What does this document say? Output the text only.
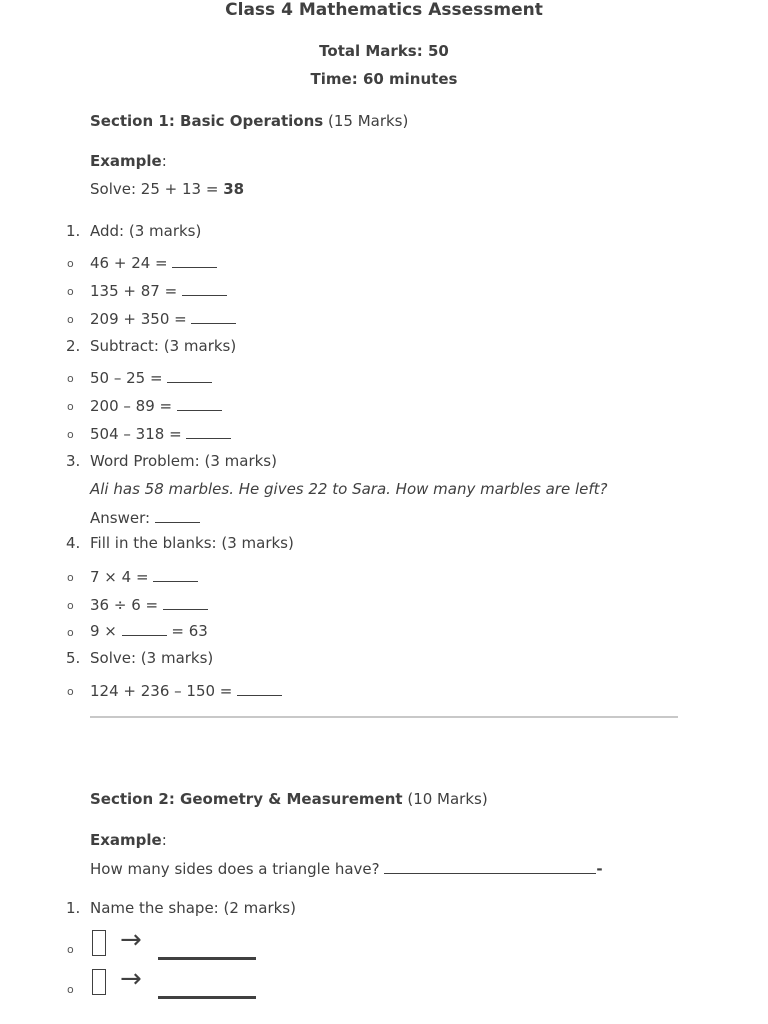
Class 4 Mathematics Assessment
Total Marks: 50
Time: 60 minutes
Section 1: Basic Operations (15 Marks)
Example:
Solve: 25 + 13 = 38
1. Add: (3 marks)
o 46 + 24 =
o 135 + 87 =
o 209 + 350 =
2. Subtract: (3 marks)
o 50 – 25 =
o 200 – 89 =
o 504 – 318 =
3. Word Problem: (3 marks)
Ali has 58 marbles. He gives 22 to Sara. How many marbles are left?
Answer:
4. Fill in the blanks: (3 marks)
o 7 × 4 =
o 36 ÷ 6 =
o 9 ×	= 63
5. Solve: (3 marks)
o 124 + 236 – 150 =
Section 2: Geometry & Measurement (10 Marks)
Example:
How many sides does a triangle have?	-
1. Name the shape: (2 marks)
o →
o →
